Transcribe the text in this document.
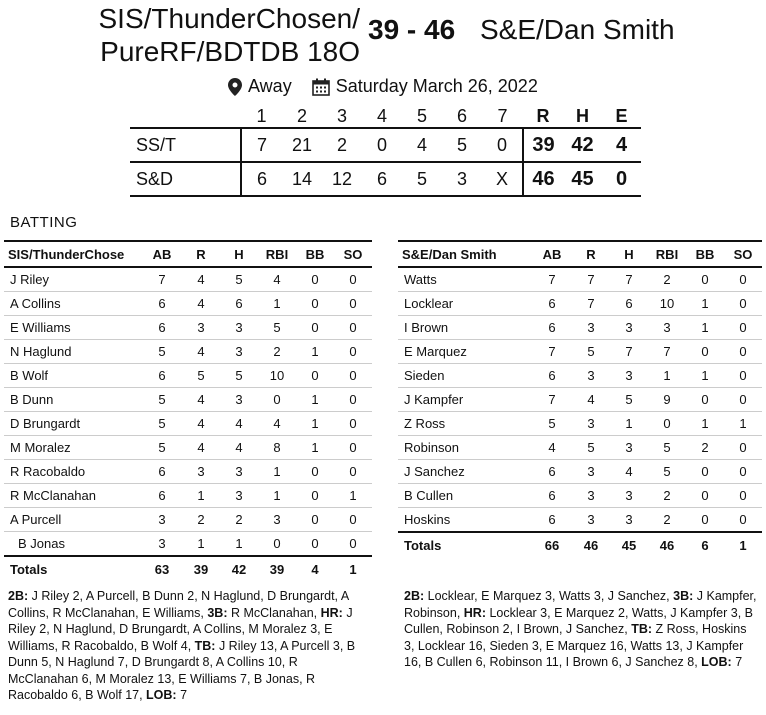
SIS/ThunderChosen/
PureRF/BDTDB 18O
39 - 46 S&E/Dan Smith
Away Saturday March 26, 2022
	1	2	3	4	5	6	7	R	H	E
SS/T	7	21	2	0	4	5	0	39	42	4
S&D	6	14	12	6	5	3	X	46	45	0
BATTING
SIS/ThunderChose	AB	R	H	RBI	BB	SO
J Riley	7	4	5	4	0	0
A Collins	6	4	6	1	0	0
E Williams	6	3	3	5	0	0
N Haglund	5	4	3	2	1	0
B Wolf	6	5	5	10	0	0
B Dunn	5	4	3	0	1	0
D Brungardt	5	4	4	4	1	0
M Moralez	5	4	4	8	1	0
R Racobaldo	6	3	3	1	0	0
R McClanahan	6	1	3	1	0	1
A Purcell	3	2	2	3	0	0
B Jonas	3	1	1	0	0	0
Totals	63	39	42	39	4	1
S&E/Dan Smith	AB	R	H	RBI	BB	SO
Watts	7	7	7	2	0	0
Locklear	6	7	6	10	1	0
I Brown	6	3	3	3	1	0
E Marquez	7	5	7	7	0	0
Sieden	6	3	3	1	1	0
J Kampfer	7	4	5	9	0	0
Z Ross	5	3	1	0	1	1
Robinson	4	5	3	5	2	0
J Sanchez	6	3	4	5	0	0
B Cullen	6	3	3	2	0	0
Hoskins	6	3	3	2	0	0
Totals	66	46	45	46	6	1
2B: J Riley 2, A Purcell, B Dunn 2, N Haglund, D Brungardt, A Collins, R McClanahan, E Williams, 3B: R McClanahan, HR: J Riley 2, N Haglund, D Brungardt, A Collins, M Moralez 3, E Williams, R Racobaldo, B Wolf 4, TB: J Riley 13, A Purcell 3, B Dunn 5, N Haglund 7, D Brungardt 8, A Collins 10, R McClanahan 6, M Moralez 13, E Williams 7, B Jonas, R Racobaldo 6, B Wolf 17, LOB: 7
2B: Locklear, E Marquez 3, Watts 3, J Sanchez, 3B: J Kampfer, Robinson, HR: Locklear 3, E Marquez 2, Watts, J Kampfer 3, B Cullen, Robinson 2, I Brown, J Sanchez, TB: Z Ross, Hoskins 3, Locklear 16, Sieden 3, E Marquez 16, Watts 13, J Kampfer 16, B Cullen 6, Robinson 11, I Brown 6, J Sanchez 8, LOB: 7
